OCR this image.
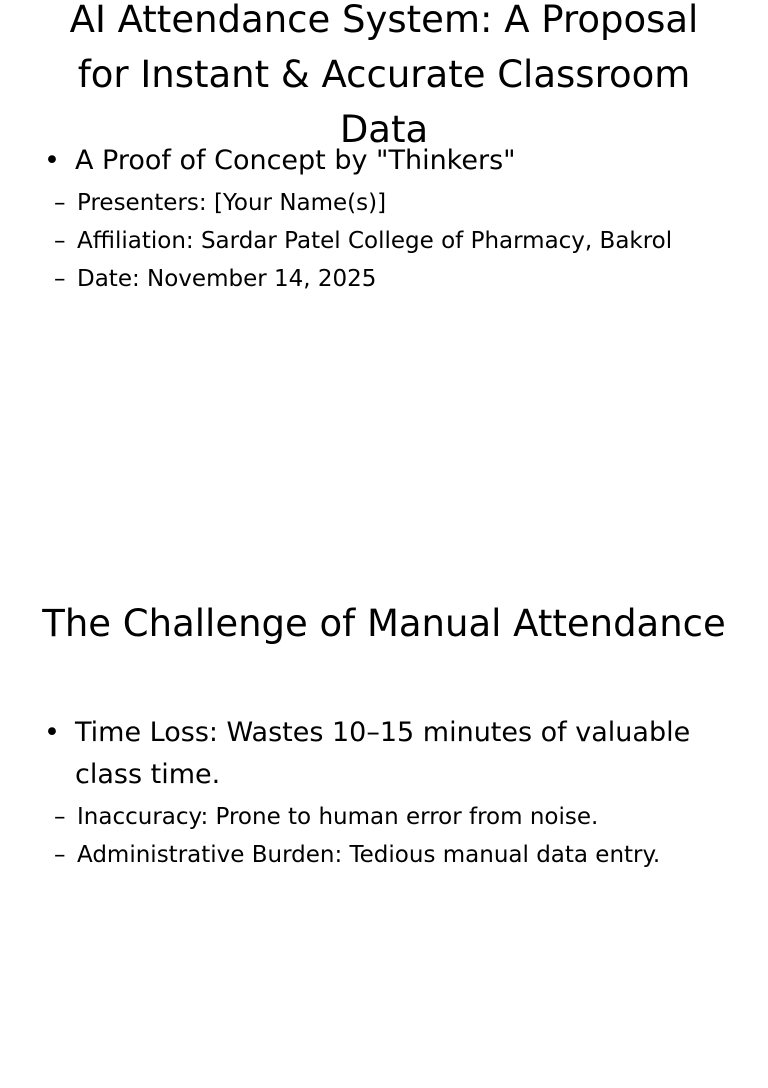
AI Attendance System: A Proposal for Instant & Accurate Classroom Data
• A Proof of Concept by "Thinkers"
– Presenters: [Your Name(s)]
– Affiliation: Sardar Patel College of Pharmacy, Bakrol
– Date: November 14, 2025
The Challenge of Manual Attendance
• Time Loss: Wastes 10–15 minutes of valuable class time.
– Inaccuracy: Prone to human error from noise.
– Administrative Burden: Tedious manual data entry.
